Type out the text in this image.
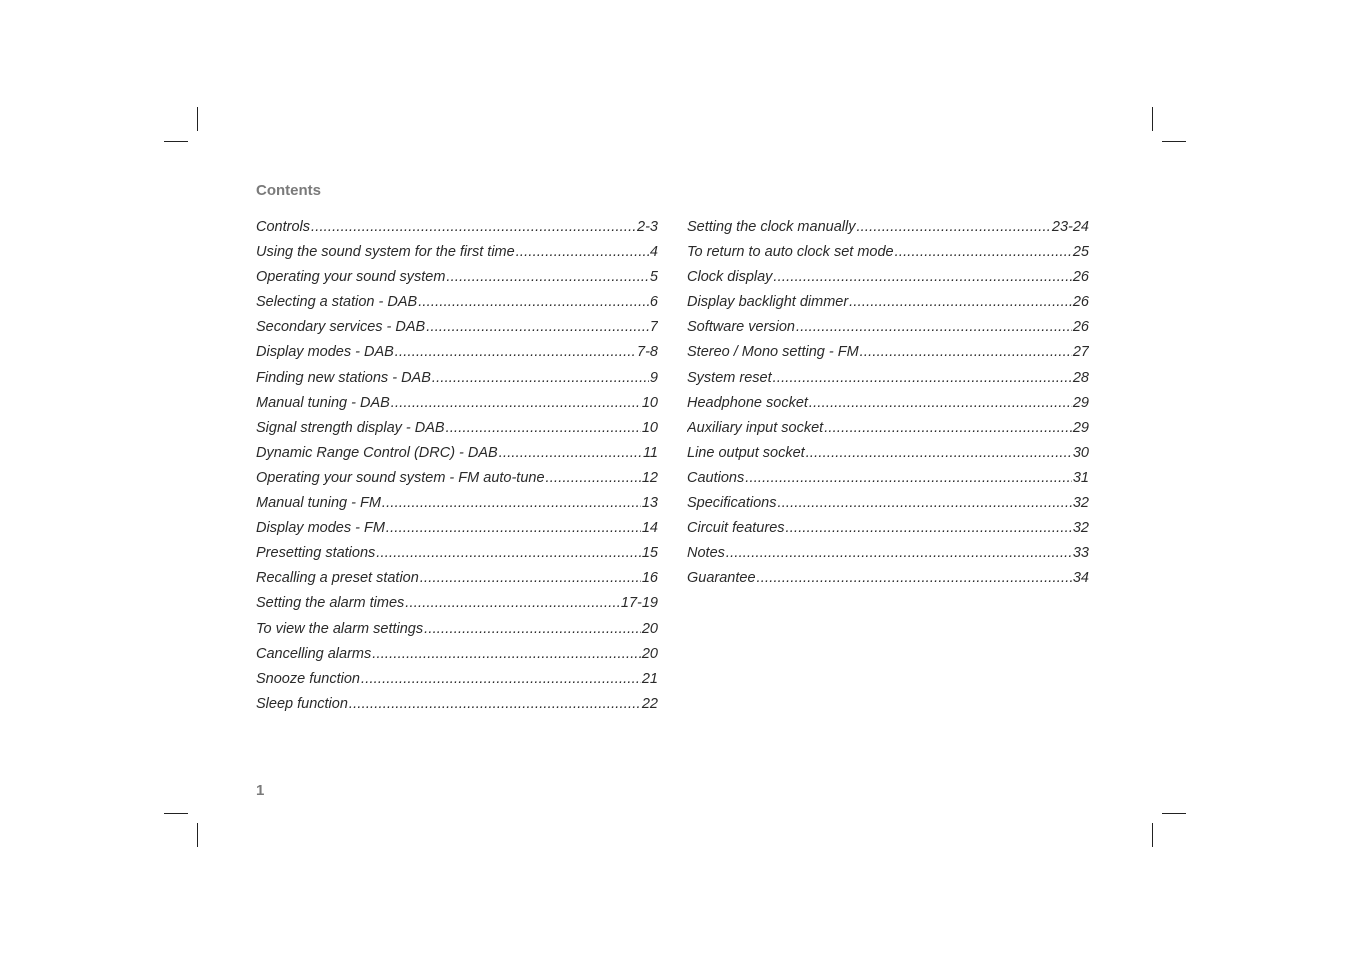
Contents
Controls .....	2-3
Using the sound system for the first time .....	4
Operating your sound system .....	5
Selecting a station - DAB .....	6
Secondary services - DAB .....	7
Display modes - DAB .....	7-8
Finding new stations - DAB .....	9
Manual tuning - DAB .....	10
Signal strength display - DAB .....	10
Dynamic Range Control (DRC) - DAB .....	11
Operating your sound system - FM auto-tune .....	12
Manual tuning - FM .....	13
Display modes - FM .....	14
Presetting stations .....	15
Recalling a preset station .....	16
Setting the alarm times .....	17-19
To view the alarm settings .....	20
Cancelling alarms .....	20
Snooze function .....	21
Sleep function .....	22
Setting the clock manually .....	23-24
To return to auto clock set mode .....	25
Clock display .....	26
Display backlight dimmer .....	26
Software version .....	26
Stereo / Mono setting - FM .....	27
System reset .....	28
Headphone socket .....	29
Auxiliary input socket .....	29
Line output socket .....	30
Cautions .....	31
Specifications .....	32
Circuit features .....	32
Notes .....	33
Guarantee .....	34
1
